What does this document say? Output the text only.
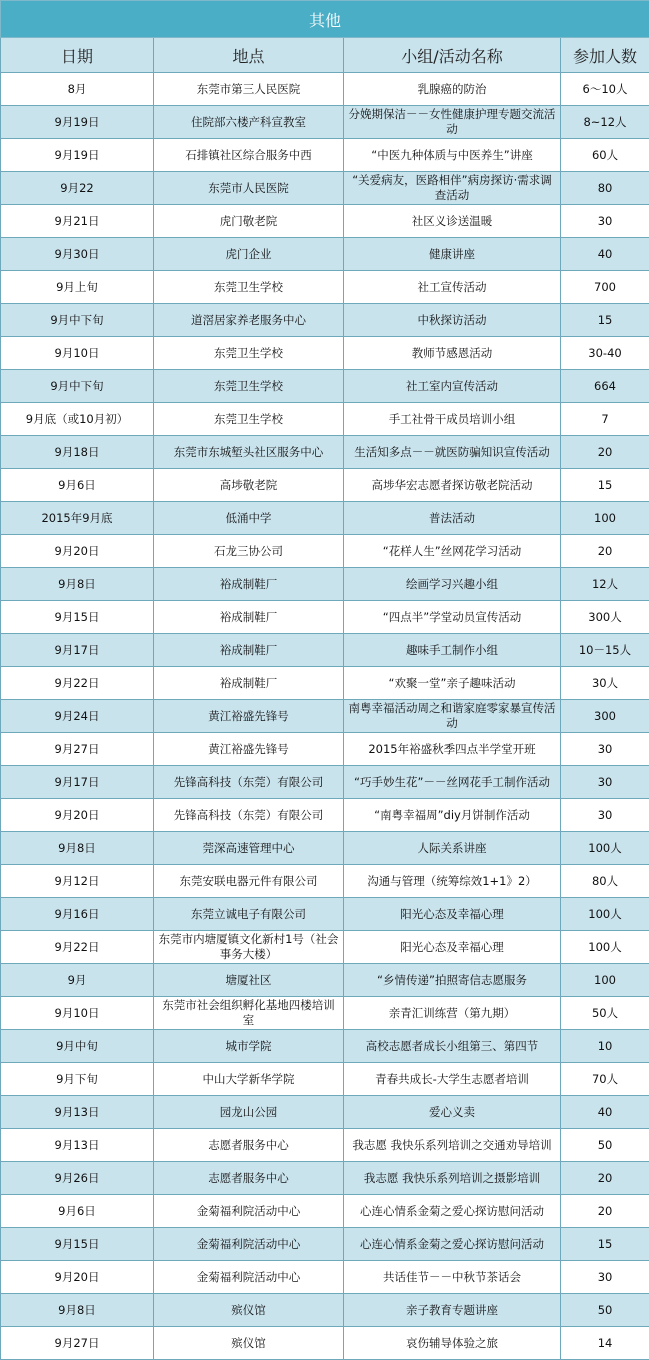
其他			
日期	地点	小组/活动名称	参加人数
8月	东莞市第三人民医院	乳腺癌的防治	6～10人
9月19日	住院部六楼产科宣教室	分娩期保洁－－女性健康护理专题交流活动	8~12人
9月19日	石排镇社区综合服务中西	“中医九种体质与中医养生”讲座	60人
9月22	东莞市人民医院	“关爱病友，医路相伴”病房探访·需求调查活动	80
9月21日	虎门敬老院	社区义诊送温暖	30
9月30日	虎门企业	健康讲座	40
9月上旬	东莞卫生学校	社工宣传活动	700
9月中下旬	道滘居家养老服务中心	中秋探访活动	15
9月10日	东莞卫生学校	教师节感恩活动	30-40
9月中下旬	东莞卫生学校	社工室内宣传活动	664
9月底（或10月初）	东莞卫生学校	手工社骨干成员培训小组	7
9月18日	东莞市东城堑头社区服务中心	生活知多点－－就医防骗知识宣传活动	20
9月6日	高埗敬老院	高埗华宏志愿者探访敬老院活动	15
2015年9月底	低涌中学	普法活动	100
9月20日	石龙三协公司	“花样人生”丝网花学习活动	20
9月8日	裕成制鞋厂	绘画学习兴趣小组	12人
9月15日	裕成制鞋厂	“四点半”学堂动员宣传活动	300人
9月17日	裕成制鞋厂	趣味手工制作小组	10－15人
9月22日	裕成制鞋厂	“欢聚一堂”亲子趣味活动	30人
9月24日	黄江裕盛先锋号	南粤幸福活动周之和谐家庭零家暴宣传活动	300
9月27日	黄江裕盛先锋号	2015年裕盛秋季四点半学堂开班	30
9月17日	先锋高科技（东莞）有限公司	“巧手妙生花”－－丝网花手工制作活动	30
9月20日	先锋高科技（东莞）有限公司	“南粤幸福周”diy月饼制作活动	30
9月8日	莞深高速管理中心	人际关系讲座	100人
9月12日	东莞安联电器元件有限公司	沟通与管理（统筹综效1+1》2）	80人
9月16日	东莞立诚电子有限公司	阳光心态及幸福心理	100人
9月22日	东莞市内塘厦镇文化新村1号（社会事务大楼）	阳光心态及幸福心理	100人
9月	塘厦社区	“乡情传递”拍照寄信志愿服务	100
9月10日	东莞市社会组织孵化基地四楼培训室	亲青汇训练营（第九期）	50人
9月中旬	城市学院	高校志愿者成长小组第三、第四节	10
9月下旬	中山大学新华学院	青春共成长-大学生志愿者培训	70人
9月13日	园龙山公园	爱心义卖	40
9月13日	志愿者服务中心	我志愿 我快乐系列培训之交通劝导培训	50
9月26日	志愿者服务中心	我志愿 我快乐系列培训之摄影培训	20
9月6日	金菊福利院活动中心	心连心情系金菊之爱心探访慰问活动	20
9月15日	金菊福利院活动中心	心连心情系金菊之爱心探访慰问活动	15
9月20日	金菊福利院活动中心	共话佳节－－中秋节茶话会	30
9月8日	殡仪馆	亲子教育专题讲座	50
9月27日	殡仪馆	哀伤辅导体验之旅	14
